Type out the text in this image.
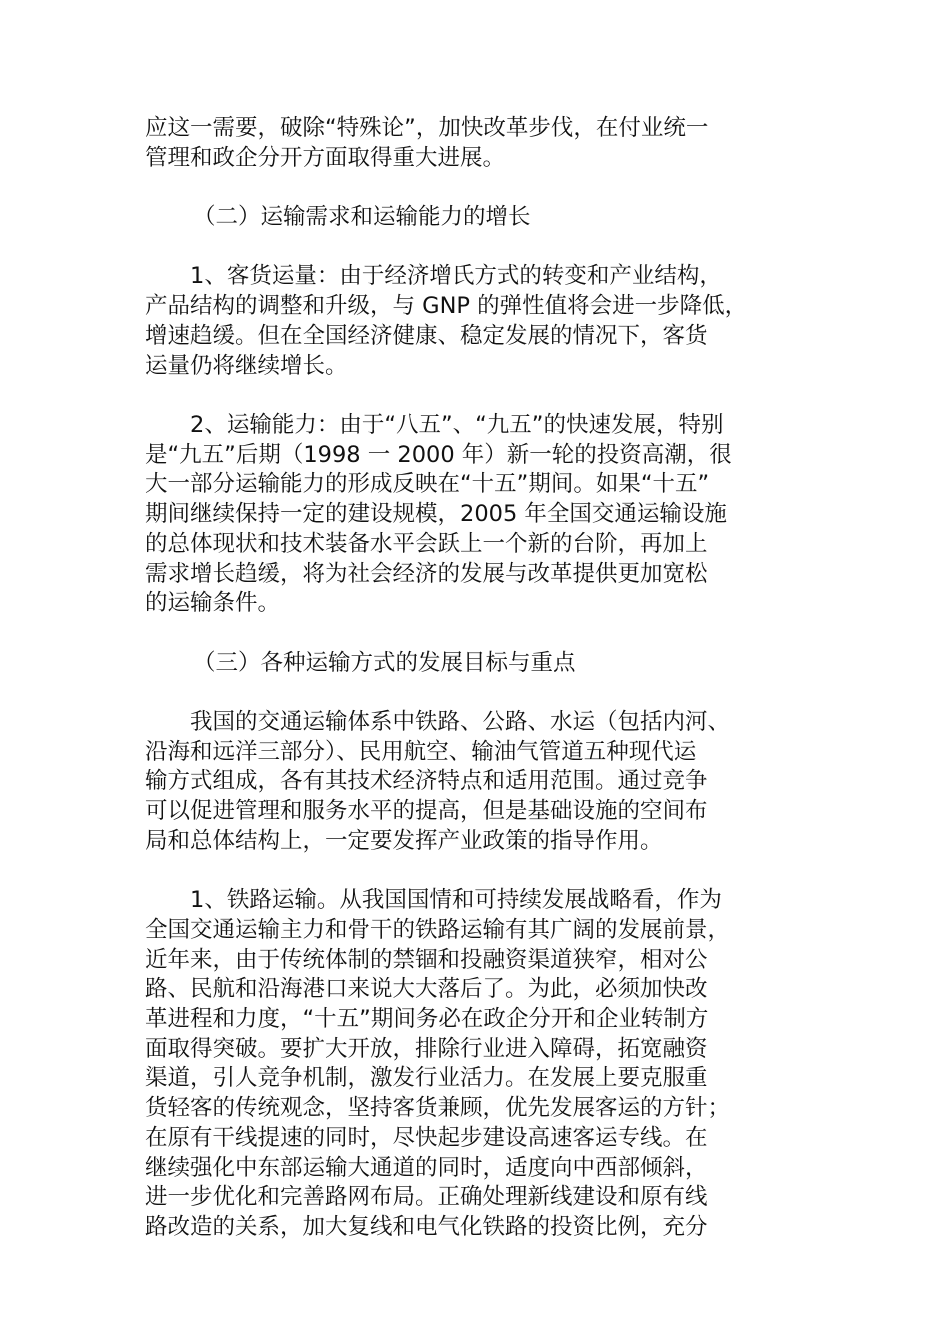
应这一需要，破除“特殊论”，加快改革步伐，在付业统一
管理和政企分开方面取得重大进展。

（二）运输需求和运输能力的增长

1、客货运量：由于经济增氏方式的转变和产业结构，
产品结构的调整和升级，与 GNP 的弹性值将会进一步降低，
增速趋缓。但在全国经济健康、稳定发展的情况下，客货
运量仍将继续增长。

2、运输能力：由于“八五”、“九五”的快速发展，特别
是“九五”后期（1998 一 2000 年）新一轮的投资高潮，很
大一部分运输能力的形成反映在“十五”期间。如果“十五”
期间继续保持一定的建设规模，2005 年全国交通运输设施
的总体现状和技术装备水平会跃上一个新的台阶，再加上
需求增长趋缓，将为社会经济的发展与改革提供更加宽松
的运输条件。

（三）各种运输方式的发展目标与重点

我国的交通运输体系中铁路、公路、水运（包括内河、
沿海和远洋三部分）、民用航空、输油气管道五种现代运
输方式组成，各有其技术经济特点和适用范围。通过竞争
可以促进管理和服务水平的提高，但是基础设施的空间布
局和总体结构上，一定要发挥产业政策的指导作用。

1、铁路运输。从我国国情和可持续发展战略看，作为
全国交通运输主力和骨干的铁路运输有其广阔的发展前景，
近年来，由于传统体制的禁锢和投融资渠道狭窄，相对公
路、民航和沿海港口来说大大落后了。为此，必须加快改
革进程和力度，“十五”期间务必在政企分开和企业转制方
面取得突破。要扩大开放，排除行业进入障碍，拓宽融资
渠道，引人竞争机制，激发行业活力。在发展上要克服重
货轻客的传统观念，坚持客货兼顾，优先发展客运的方针；
在原有干线提速的同时，尽快起步建设高速客运专线。在
继续强化中东部运输大通道的同时，适度向中西部倾斜，
进一步优化和完善路网布局。正确处理新线建设和原有线
路改造的关系，加大复线和电气化铁路的投资比例，充分
